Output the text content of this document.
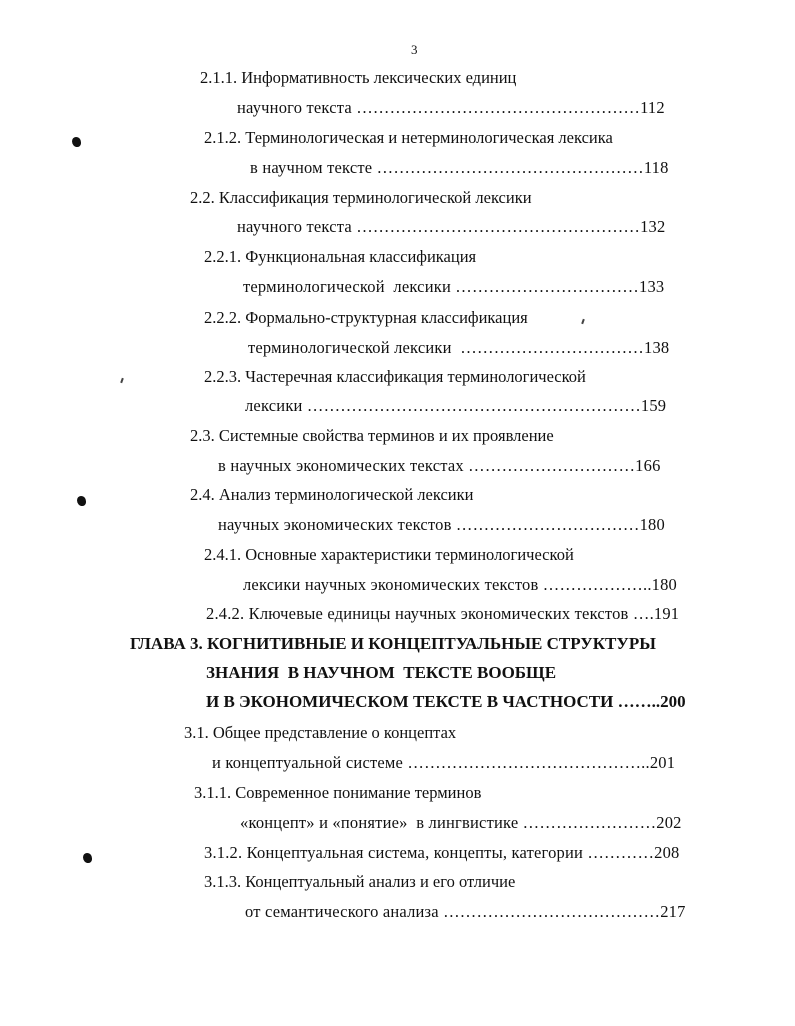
3
2.1.1. Информативность лексических единиц
научного текста ……………………………………………112
2.1.2. Терминологическая и нетерминологическая лексика
в научном тексте …………………………………………118
2.2. Классификация терминологической лексики
научного текста ……………………………………………132
2.2.1. Функциональная классификация
терминологической  лексики ……………………………133
2.2.2. Формально-структурная классификация
терминологической лексики  ……………………………138
2.2.3. Частеречная классификация терминологической
лексики ……………………………………………………159
2.3. Системные свойства терминов и их проявление
в научных экономических текстах …………………………166
2.4. Анализ терминологической лексики
научных экономических текстов ……………………………180
2.4.1. Основные характеристики терминологической
лексики научных экономических текстов ………………..180
2.4.2. Ключевые единицы научных экономических текстов ….191
ГЛАВА 3. КОГНИТИВНЫЕ И КОНЦЕПТУАЛЬНЫЕ СТРУКТУРЫ
ЗНАНИЯ  В НАУЧНОМ  ТЕКСТЕ ВООБЩЕ
И В ЭКОНОМИЧЕСКОМ ТЕКСТЕ В ЧАСТНОСТИ ……..200
3.1. Общее представление о концептах
и концептуальной системе ……………………………………..201
3.1.1. Современное понимание терминов
«концепт» и «понятие»  в лингвистике ……………………202
3.1.2. Концептуальная система, концепты, категории …………208
3.1.3. Концептуальный анализ и его отличие
от семантического анализа …………………………………217
